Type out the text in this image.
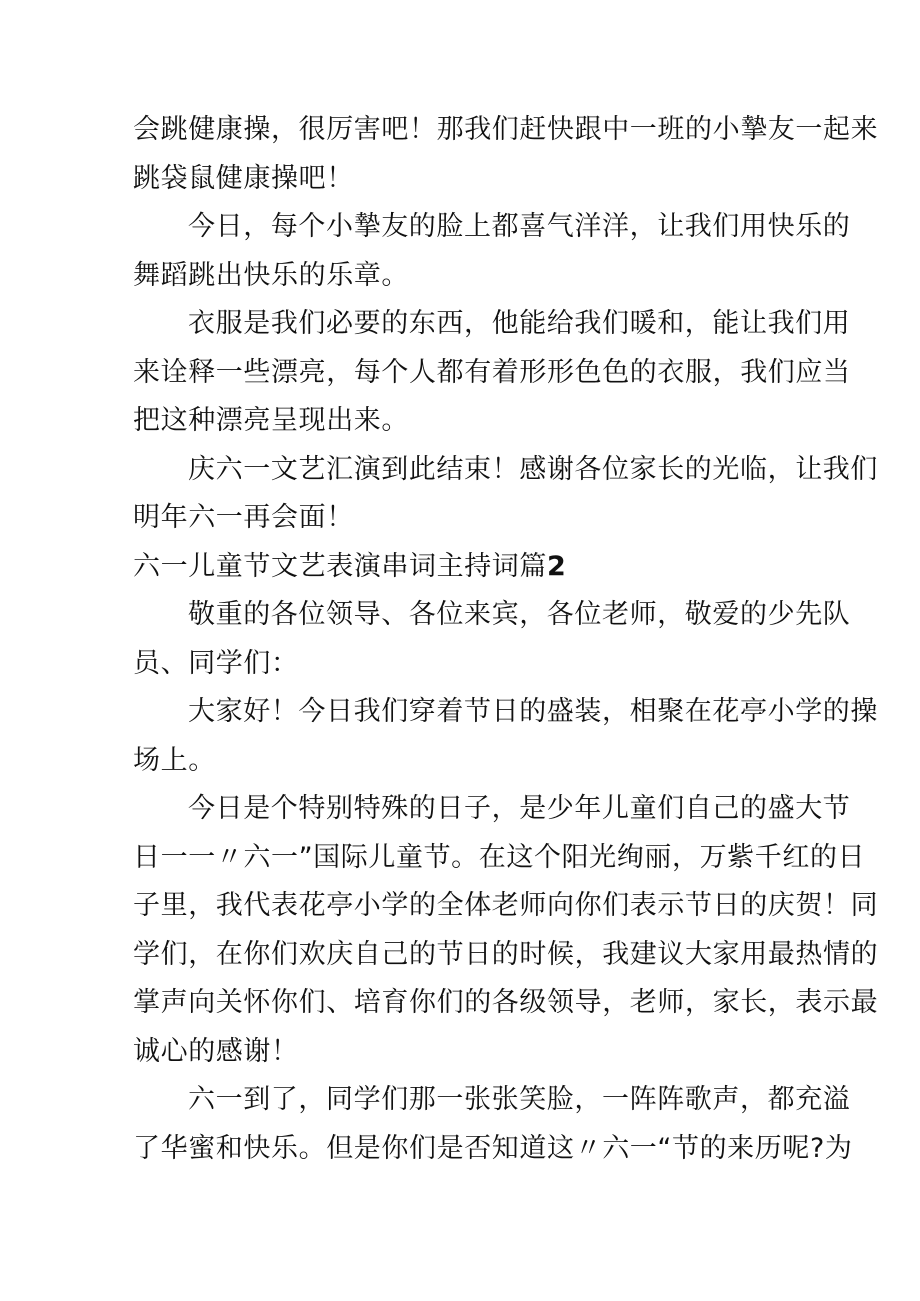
会跳健康操，很厉害吧！那我们赶快跟中一班的小摯友一起来
跳袋鼠健康操吧！

今日，每个小摯友的脸上都喜气洋洋，让我们用快乐的
舞蹈跳出快乐的乐章。

衣服是我们必要的东西，他能给我们暖和，能让我们用
来诠释一些漂亮，每个人都有着形形色色的衣服，我们应当
把这种漂亮呈现出来。

庆六一文艺汇演到此结束！感谢各位家长的光临，让我们
明年六一再会面！

六一儿童节文艺表演串词主持词篇2

敬重的各位领导、各位来宾，各位老师，敬爱的少先队
员、同学们：

大家好！今日我们穿着节日的盛装，相聚在花亭小学的操
场上。

今日是个特别特殊的日子，是少年儿童们自己的盛大节
日一一〃六一”国际儿童节。在这个阳光绚丽，万紫千红的日
子里，我代表花亭小学的全体老师向你们表示节日的庆贺！同
学们，在你们欢庆自己的节日的时候，我建议大家用最热情的
掌声向关怀你们、培育你们的各级领导，老师，家长，表示最
诚心的感谢！

六一到了，同学们那一张张笑脸，一阵阵歌声，都充溢
了华蜜和快乐。但是你们是否知道这〃六一“节的来历呢?为
